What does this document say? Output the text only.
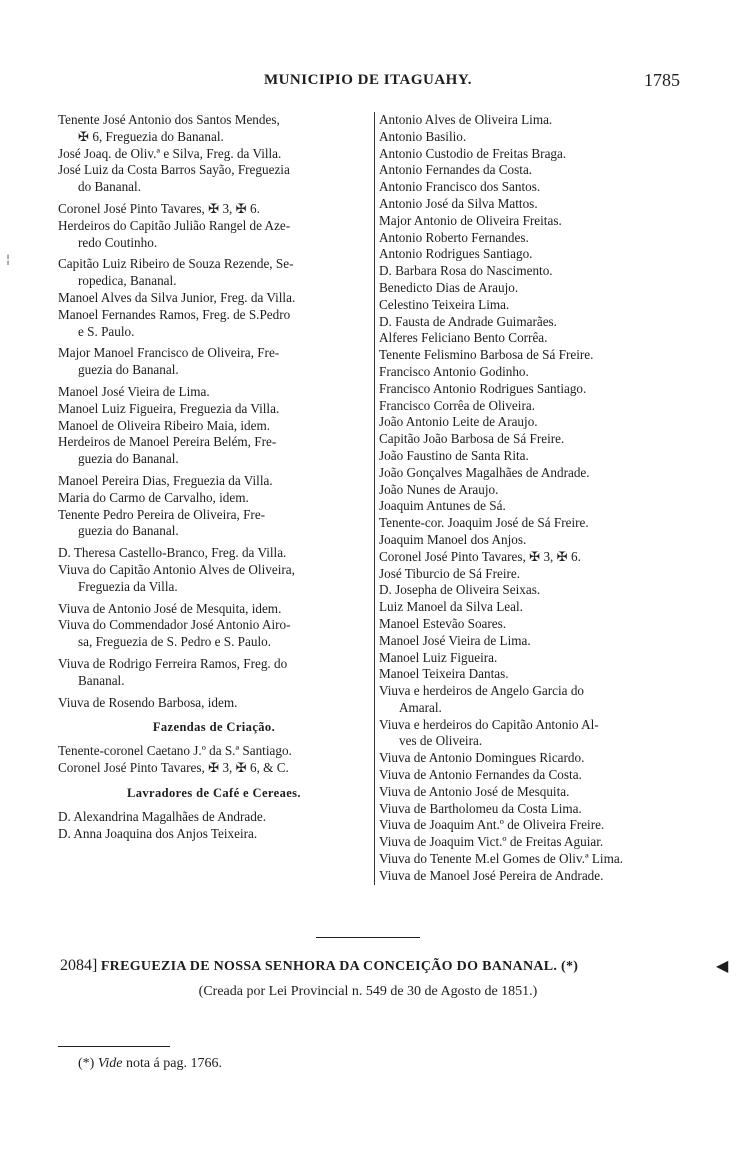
MUNICIPIO DE ITAGUAHY.	1785
¦
Tenente José Antonio dos Santos Mendes,
✠ 6, Freguezia do Bananal.
José Joaq. de Oliv.ª e Silva, Freg. da Villa.
José Luiz da Costa Barros Sayão, Freguezia
do Bananal.
Coronel José Pinto Tavares, ✠ 3, ✠ 6.
Herdeiros do Capitão Julião Rangel de Aze-
redo Coutinho.
Capitão Luiz Ribeiro de Souza Rezende, Se-
ropedica, Bananal.
Manoel Alves da Silva Junior, Freg. da Villa.
Manoel Fernandes Ramos, Freg. de S.Pedro
e S. Paulo.
Major Manoel Francisco de Oliveira, Fre-
guezia do Bananal.
Manoel José Vieira de Lima.
Manoel Luiz Figueira, Freguezia da Villa.
Manoel de Oliveira Ribeiro Maia, idem.
Herdeiros de Manoel Pereira Belém, Fre-
guezia do Bananal.
Manoel Pereira Dias, Freguezia da Villa.
Maria do Carmo de Carvalho, idem.
Tenente Pedro Pereira de Oliveira, Fre-
guezia do Bananal.
D. Theresa Castello-Branco, Freg. da Villa.
Viuva do Capitão Antonio Alves de Oliveira,
Freguezia da Villa.
Viuva de Antonio José de Mesquita, idem.
Viuva do Commendador José Antonio Airo-
sa, Freguezia de S. Pedro e S. Paulo.
Viuva de Rodrigo Ferreira Ramos, Freg. do
Bananal.
Viuva de Rosendo Barbosa, idem.
Fazendas de Criação.
Tenente-coronel Caetano J.º da S.ª Santiago.
Coronel José Pinto Tavares, ✠ 3, ✠ 6, & C.
Lavradores de Café e Cereaes.
D. Alexandrina Magalhães de Andrade.
D. Anna Joaquina dos Anjos Teixeira.
Antonio Alves de Oliveira Lima.
Antonio Basilio.
Antonio Custodio de Freitas Braga.
Antonio Fernandes da Costa.
Antonio Francisco dos Santos.
Antonio José da Silva Mattos.
Major Antonio de Oliveira Freitas.
Antonio Roberto Fernandes.
Antonio Rodrigues Santiago.
D. Barbara Rosa do Nascimento.
Benedicto Dias de Araujo.
Celestino Teixeira Lima.
D. Fausta de Andrade Guimarães.
Alferes Feliciano Bento Corrêa.
Tenente Felismino Barbosa de Sá Freire.
Francisco Antonio Godinho.
Francisco Antonio Rodrigues Santiago.
Francisco Corrêa de Oliveira.
João Antonio Leite de Araujo.
Capitão João Barbosa de Sá Freire.
João Faustino de Santa Rita.
João Gonçalves Magalhães de Andrade.
João Nunes de Araujo.
Joaquim Antunes de Sá.
Tenente-cor. Joaquim José de Sá Freire.
Joaquim Manoel dos Anjos.
Coronel José Pinto Tavares, ✠ 3, ✠ 6.
José Tiburcio de Sá Freire.
D. Josepha de Oliveira Seixas.
Luiz Manoel da Silva Leal.
Manoel Estevão Soares.
Manoel José Vieira de Lima.
Manoel Luiz Figueira.
Manoel Teixeira Dantas.
Viuva e herdeiros de Angelo Garcia do
Amaral.
Viuva e herdeiros do Capitão Antonio Al-
ves de Oliveira.
Viuva de Antonio Domingues Ricardo.
Viuva de Antonio Fernandes da Costa.
Viuva de Antonio José de Mesquita.
Viuva de Bartholomeu da Costa Lima.
Viuva de Joaquim Ant.º de Oliveira Freire.
Viuva de Joaquim Vict.º de Freitas Aguiar.
Viuva do Tenente M.el Gomes de Oliv.ª Lima.
Viuva de Manoel José Pereira de Andrade.
2084] FREGUEZIA DE NOSSA SENHORA DA CONCEIÇÃO DO BANANAL. (*)	◀
(Creada por Lei Provincial n. 549 de 30 de Agosto de 1851.)
(*) Vide nota á pag. 1766.
